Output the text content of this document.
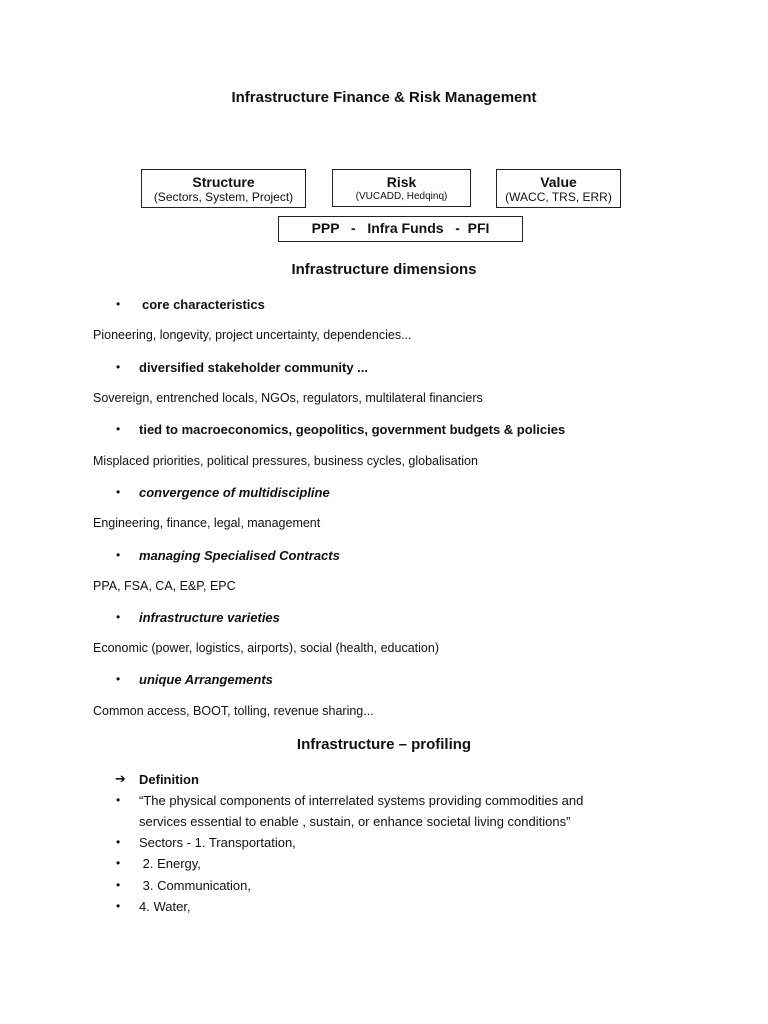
Infrastructure Finance & Risk Management
Structure
(Sectors, System, Project)
Risk
(VUCADD, Hedqinq)
Value
(WACC, TRS, ERR)
PPP   -   Infra Funds   -  PFI
Infrastructure dimensions
• core characteristics
Pioneering, longevity, project uncertainty, dependencies...
• diversified stakeholder community ...
Sovereign, entrenched locals, NGOs, regulators, multilateral financiers
• tied to macroeconomics, geopolitics, government budgets & policies
Misplaced priorities, political pressures, business cycles, globalisation
• convergence of multidiscipline
Engineering, finance, legal, management
• managing Specialised Contracts
PPA, FSA, CA, E&P, EPC
• infrastructure varieties
Economic (power, logistics, airports), social (health, education)
• unique Arrangements
Common access, BOOT, tolling, revenue sharing...
Infrastructure – profiling
➔ Definition
• “The physical components of interrelated systems providing commodities and
services essential to enable , sustain, or enhance societal living conditions”
• Sectors - 1. Transportation,
• 2. Energy,
• 3. Communication,
• 4. Water,
